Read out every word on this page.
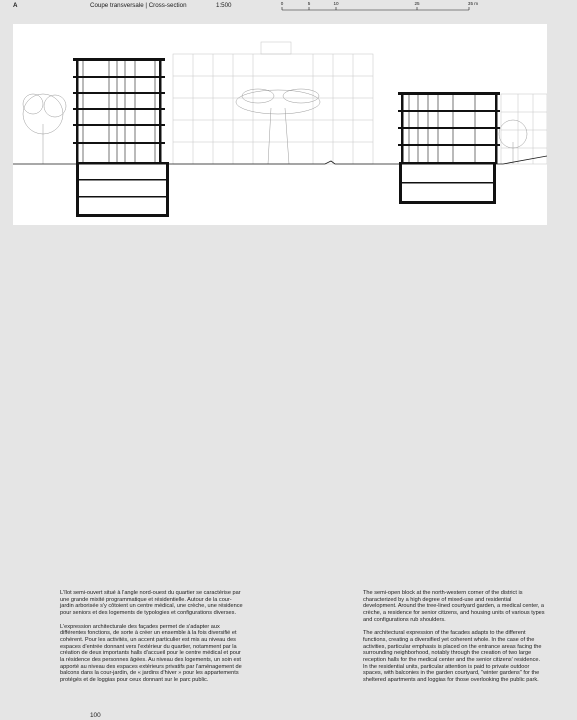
A	Coupe transversale | Cross-section	1:500	0	5	10	25	35 m

L'îlot semi-ouvert situé à l'angle nord-ouest du quartier se caractérise par une grande mixité programmatique et résidentielle. Autour de la cour-jardin arborisée s'y côtoient un centre médical, une crèche, une résidence pour seniors et des logements de typologies et configurations diverses.

L'expression architecturale des façades permet de s'adapter aux différentes fonctions, de sorte à créer un ensemble à la fois diversifié et cohérent. Pour les activités, un accent particulier est mis au niveau des espaces d'entrée donnant vers l'extérieur du quartier, notamment par la création de deux importants halls d'accueil pour le centre médical et pour la résidence des personnes âgées. Au niveau des logements, un soin est apporté au niveau des espaces extérieurs privatifs par l'aménagement de balcons dans la cour-jardin, de « jardins d'hiver » pour les appartements protégés et de loggias pour ceux donnant sur le parc public.

The semi-open block at the north-western corner of the district is characterized by a high degree of mixed-use and residential development. Around the tree-lined courtyard garden, a medical center, a crèche, a residence for senior citizens, and housing units of various types and configurations rub shoulders.

The architectural expression of the facades adapts to the different functions, creating a diversified yet coherent whole. In the case of the activities, particular emphasis is placed on the entrance areas facing the surrounding neighborhood, notably through the creation of two large reception halls for the medical center and the senior citizens' residence. In the residential units, particular attention is paid to private outdoor spaces, with balconies in the garden courtyard, "winter gardens" for the sheltered apartments and loggias for those overlooking the public park.

100
